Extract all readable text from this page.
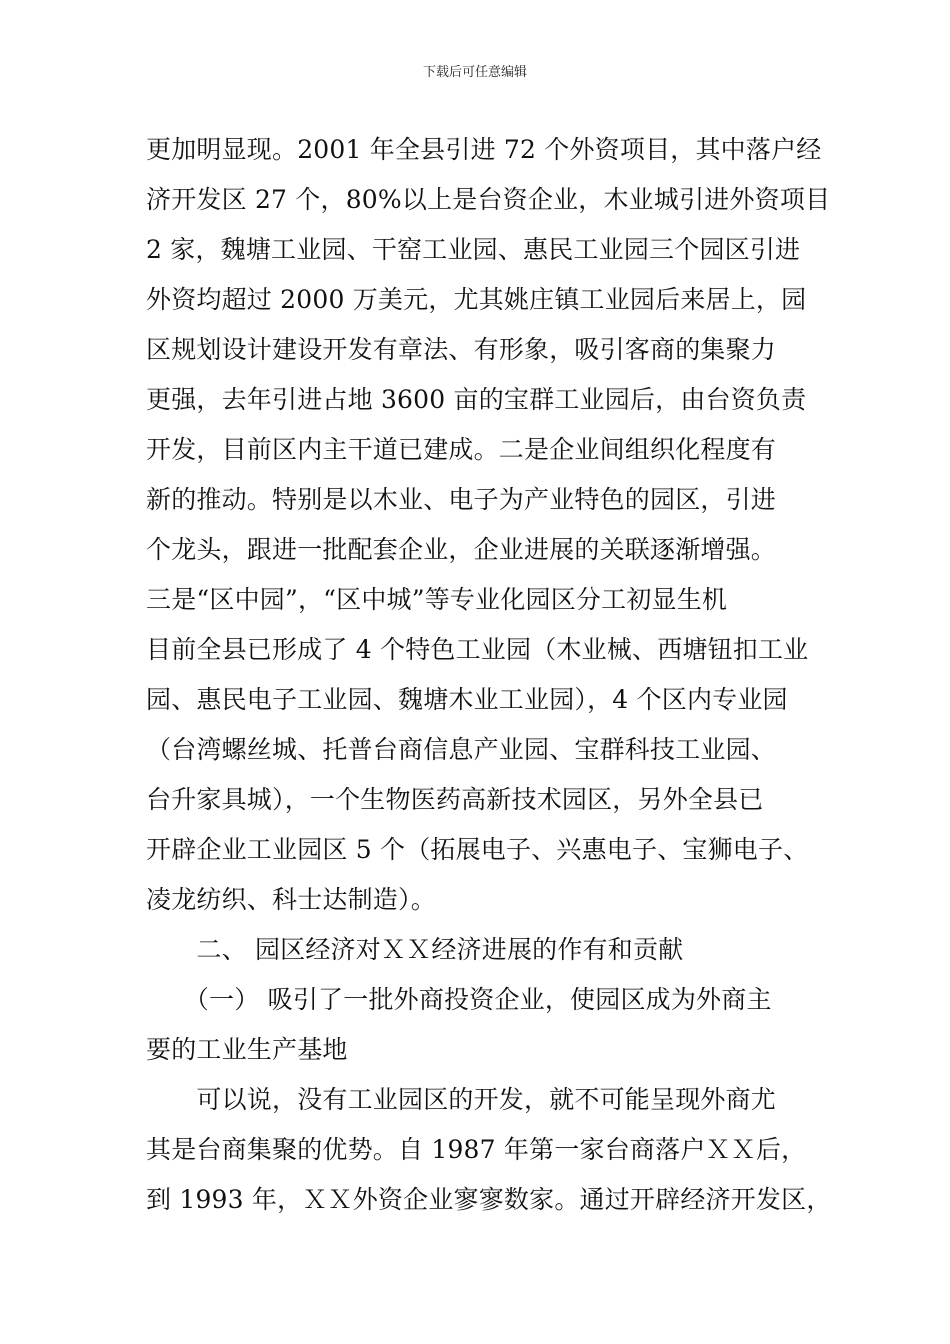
下载后可任意编辑
更加明显现。2001 年全县引进 72 个外资项目，其中落户经
济开发区 27 个，80%以上是台资企业，木业城引进外资项目
2 家，魏塘工业园、干窑工业园、惠民工业园三个园区引进
外资均超过 2000 万美元，尤其姚庄镇工业园后来居上，园
区规划设计建设开发有章法、有形象，吸引客商的集聚力
更强，去年引进占地 3600 亩的宝群工业园后，由台资负责
开发，目前区内主干道已建成。二是企业间组织化程度有
新的推动。特别是以木业、电子为产业特色的园区，引进
个龙头，跟进一批配套企业，企业进展的关联逐渐增强。
三是“区中园”，“区中城”等专业化园区分工初显生机
目前全县已形成了 4 个特色工业园（木业械、西塘钮扣工业
园、惠民电子工业园、魏塘木业工业园），4 个区内专业园
（台湾螺丝城、托普台商信息产业园、宝群科技工业园、
台升家具城），一个生物医药高新技术园区，另外全县已
开辟企业工业园区 5 个（拓展电子、兴惠电子、宝狮电子、
凌龙纺织、科士达制造）。
　　二、 园区经济对ＸＸ经济进展的作有和贡献
　　（一） 吸引了一批外商投资企业，使园区成为外商主
要的工业生产基地
　　可以说，没有工业园区的开发，就不可能呈现外商尤
其是台商集聚的优势。自 1987 年第一家台商落户ＸＸ后，
到 1993 年，ＸＸ外资企业寥寥数家。通过开辟经济开发区，
